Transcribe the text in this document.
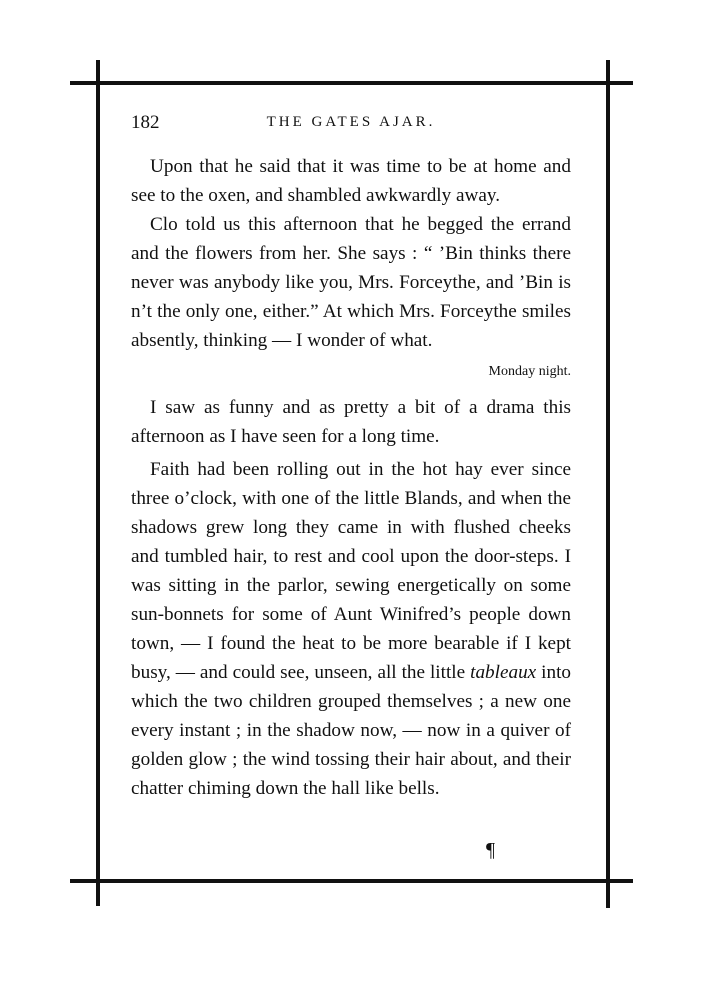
182	THE GATES AJAR.

Upon that he said that it was time to be at home and see to the oxen, and shambled awkwardly away.

Clo told us this afternoon that he begged the errand and the flowers from her. She says : “ ’Bin thinks there never was anybody like you, Mrs. Forceythe, and ’Bin is n’t the only one, either.” At which Mrs. Forceythe smiles absently, thinking — I wonder of what.

Monday night.

I saw as funny and as pretty a bit of a drama this afternoon as I have seen for a long time.

Faith had been rolling out in the hot hay ever since three o’clock, with one of the little Blands, and when the shadows grew long they came in with flushed cheeks and tumbled hair, to rest and cool upon the door-steps. I was sitting in the parlor, sewing energetically on some sun-bonnets for some of Aunt Winifred’s people down town, — I found the heat to be more bearable if I kept busy, — and could see, unseen, all the little tableaux into which the two children grouped themselves ; a new one every instant ; in the shadow now, — now in a quiver of golden glow ; the wind tossing their hair about, and their chatter chiming down the hall like bells.

¶
